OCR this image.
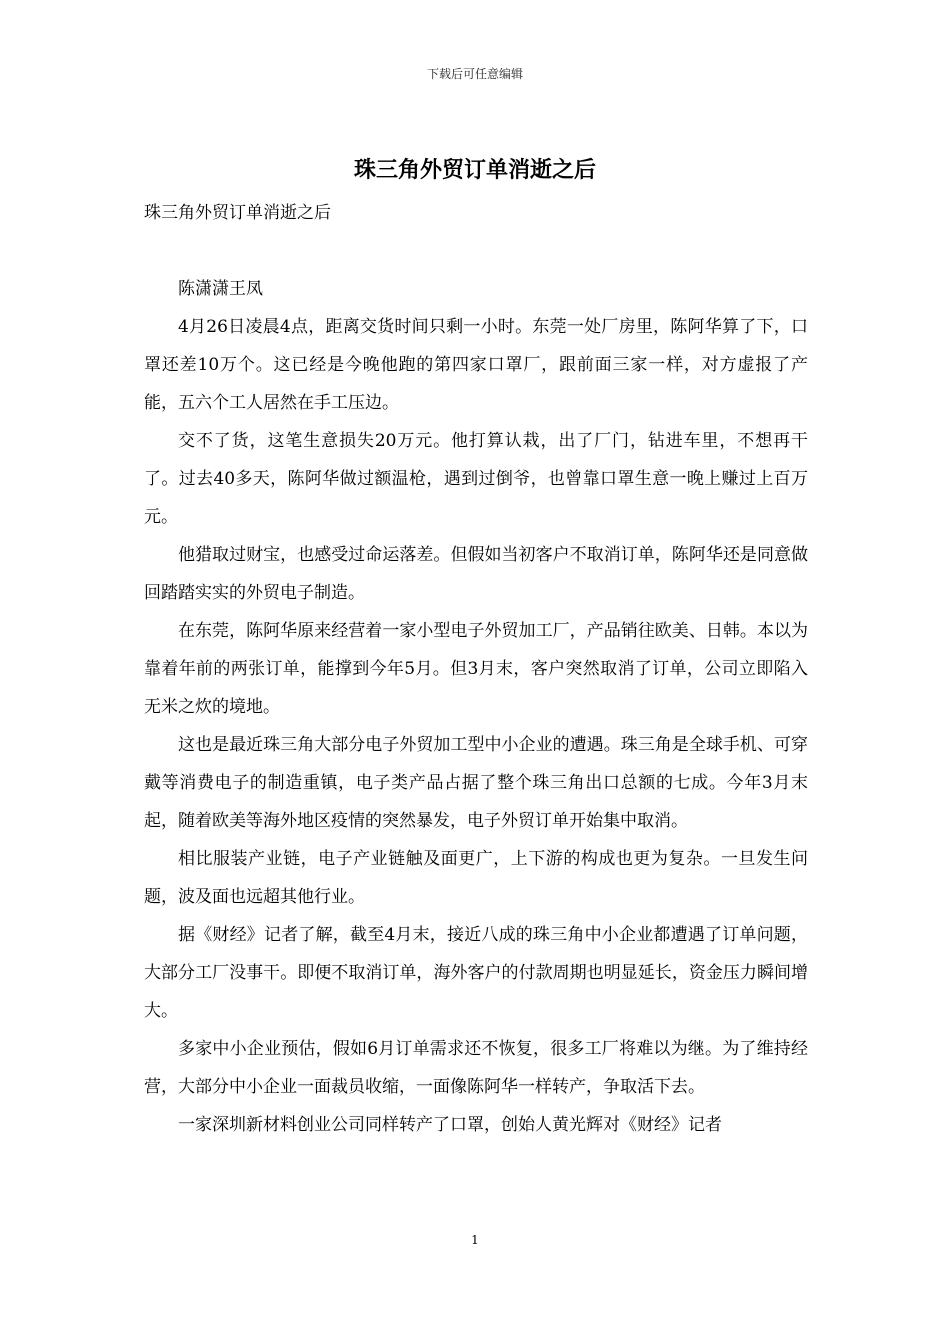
下载后可任意编辑
珠三角外贸订单消逝之后

珠三角外贸订单消逝之后

陈潇潇王凤

4月26日凌晨4点，距离交货时间只剩一小时。东莞一处厂房里，陈阿华算了下，口罩还差10万个。这已经是今晚他跑的第四家口罩厂，跟前面三家一样，对方虚报了产能，五六个工人居然在手工压边。

交不了货，这笔生意损失20万元。他打算认栽，出了厂门，钻进车里，不想再干了。过去40多天，陈阿华做过额温枪，遇到过倒爷，也曾靠口罩生意一晚上赚过上百万元。

他猎取过财宝，也感受过命运落差。但假如当初客户不取消订单，陈阿华还是同意做回踏踏实实的外贸电子制造。

在东莞，陈阿华原来经营着一家小型电子外贸加工厂，产品销往欧美、日韩。本以为靠着年前的两张订单，能撑到今年5月。但3月末，客户突然取消了订单，公司立即陷入无米之炊的境地。

这也是最近珠三角大部分电子外贸加工型中小企业的遭遇。珠三角是全球手机、可穿戴等消费电子的制造重镇，电子类产品占据了整个珠三角出口总额的七成。今年3月末起，随着欧美等海外地区疫情的突然暴发，电子外贸订单开始集中取消。

相比服装产业链，电子产业链触及面更广，上下游的构成也更为复杂。一旦发生问题，波及面也远超其他行业。

据《财经》记者了解，截至4月末，接近八成的珠三角中小企业都遭遇了订单问题，大部分工厂没事干。即便不取消订单，海外客户的付款周期也明显延长，资金压力瞬间增大。

多家中小企业预估，假如6月订单需求还不恢复，很多工厂将难以为继。为了维持经营，大部分中小企业一面裁员收缩，一面像陈阿华一样转产，争取活下去。

一家深圳新材料创业公司同样转产了口罩，创始人黄光辉对《财经》记者

1
